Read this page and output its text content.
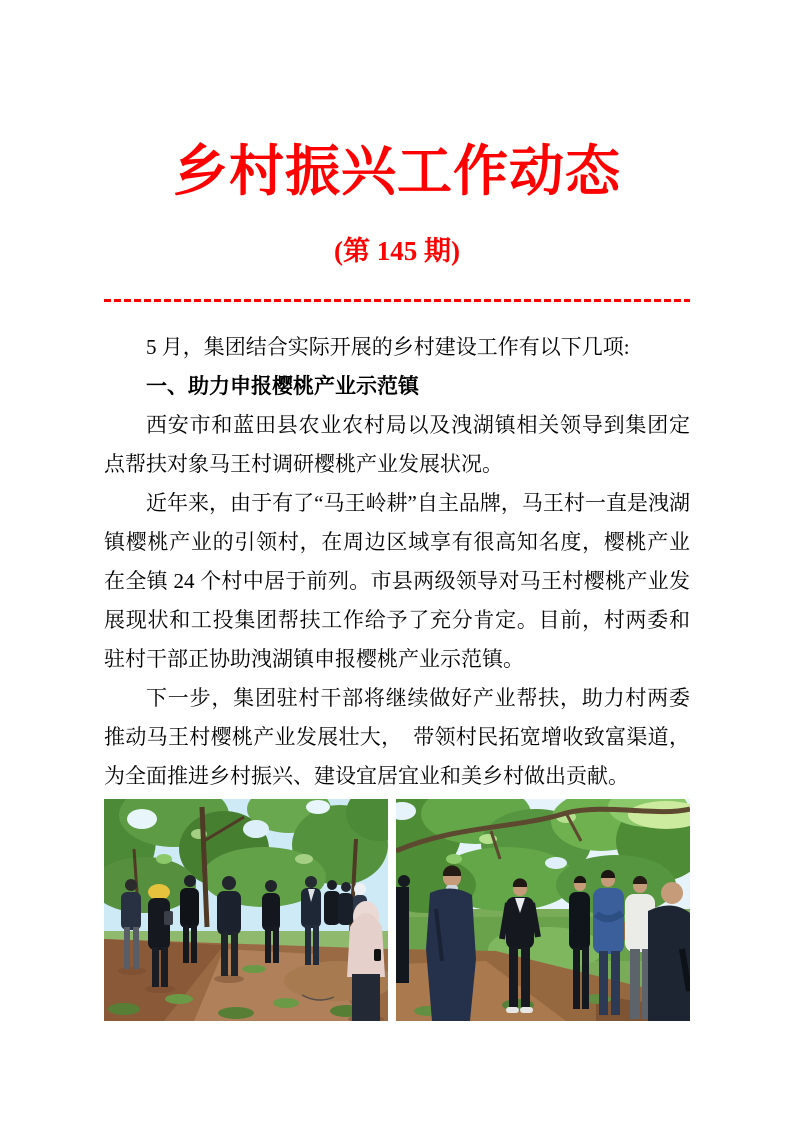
乡村振兴工作动态
(第 145 期)

5 月，集团结合实际开展的乡村建设工作有以下几项:

一、助力申报樱桃产业示范镇

西安市和蓝田县农业农村局以及洩湖镇相关领导到集团定点帮扶对象马王村调研樱桃产业发展状况。

近年来，由于有了“马王岭耕”自主品牌，马王村一直是洩湖镇樱桃产业的引领村，在周边区域享有很高知名度，樱桃产业在全镇 24 个村中居于前列。市县两级领导对马王村樱桃产业发展现状和工投集团帮扶工作给予了充分肯定。目前，村两委和驻村干部正协助洩湖镇申报樱桃产业示范镇。

下一步，集团驻村干部将继续做好产业帮扶，助力村两委推动马王村樱桃产业发展壮大，　带领村民拓宽增收致富渠道，为全面推进乡村振兴、建设宜居宜业和美乡村做出贡献。
